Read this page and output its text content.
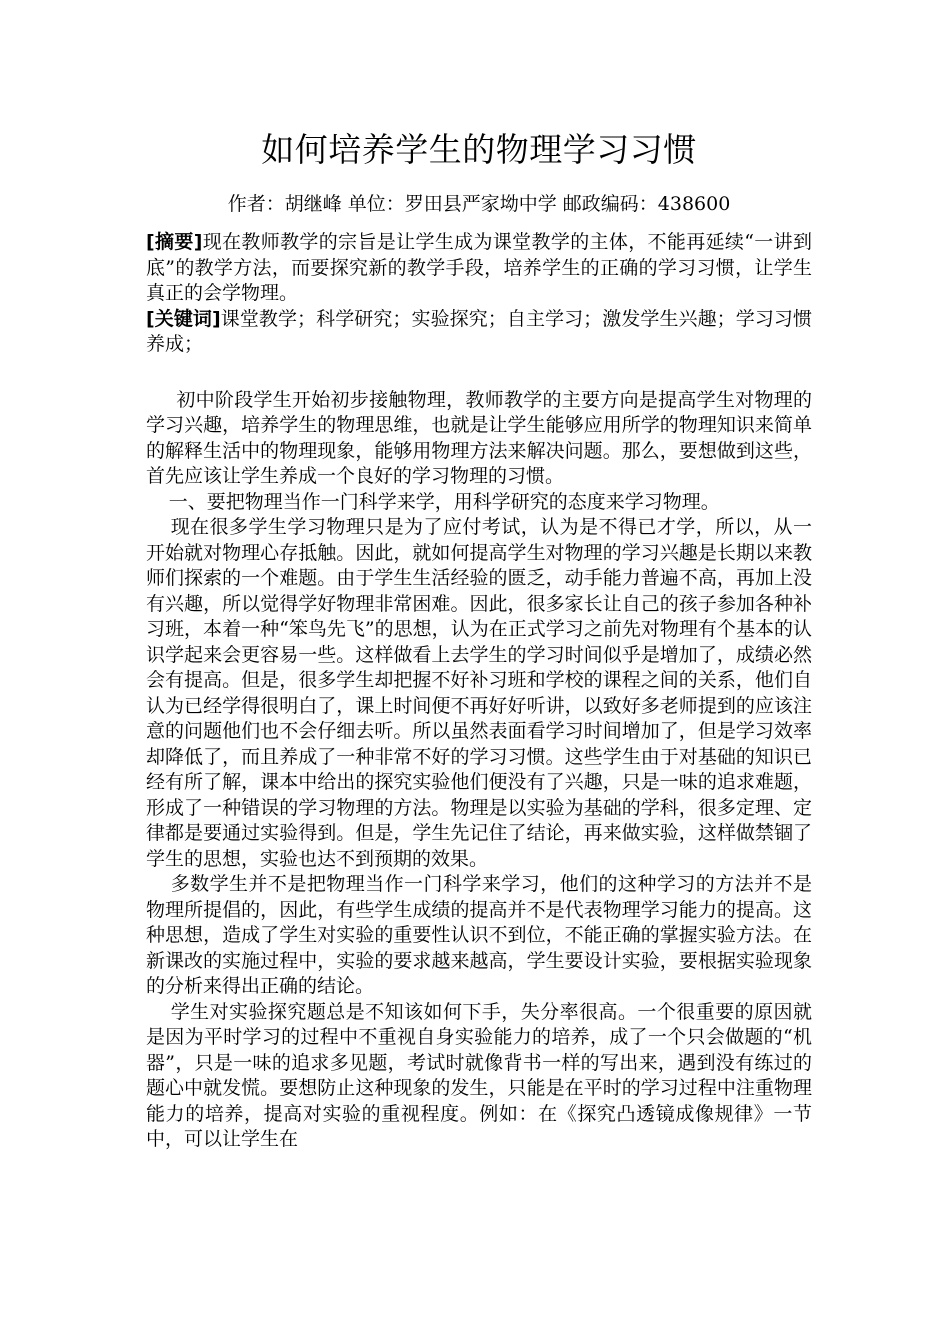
如何培养学生的物理学习习惯

作者：胡继峰 单位：罗田县严家坳中学 邮政编码：438600

[摘要]现在教师教学的宗旨是让学生成为课堂教学的主体，不能再延续“一讲到底”的教学方法，而要探究新的教学手段，培养学生的正确的学习习惯，让学生真正的会学物理。

[关键词]课堂教学；科学研究；实验探究；自主学习；激发学生兴趣；学习习惯养成；

初中阶段学生开始初步接触物理，教师教学的主要方向是提高学生对物理的学习兴趣，培养学生的物理思维，也就是让学生能够应用所学的物理知识来简单的解释生活中的物理现象，能够用物理方法来解决问题。那么，要想做到这些，首先应该让学生养成一个良好的学习物理的习惯。

一、要把物理当作一门科学来学，用科学研究的态度来学习物理。

现在很多学生学习物理只是为了应付考试，认为是不得已才学，所以，从一开始就对物理心存抵触。因此，就如何提高学生对物理的学习兴趣是长期以来教师们探索的一个难题。由于学生生活经验的匮乏，动手能力普遍不高，再加上没有兴趣，所以觉得学好物理非常困难。因此，很多家长让自己的孩子参加各种补习班，本着一种“笨鸟先飞”的思想，认为在正式学习之前先对物理有个基本的认识学起来会更容易一些。这样做看上去学生的学习时间似乎是增加了，成绩必然会有提高。但是，很多学生却把握不好补习班和学校的课程之间的关系，他们自认为已经学得很明白了，课上时间便不再好好听讲，以致好多老师提到的应该注意的问题他们也不会仔细去听。所以虽然表面看学习时间增加了，但是学习效率却降低了，而且养成了一种非常不好的学习习惯。这些学生由于对基础的知识已经有所了解，课本中给出的探究实验他们便没有了兴趣，只是一味的追求难题，形成了一种错误的学习物理的方法。物理是以实验为基础的学科，很多定理、定律都是要通过实验得到。但是，学生先记住了结论，再来做实验，这样做禁锢了学生的思想，实验也达不到预期的效果。

多数学生并不是把物理当作一门科学来学习，他们的这种学习的方法并不是物理所提倡的，因此，有些学生成绩的提高并不是代表物理学习能力的提高。这种思想，造成了学生对实验的重要性认识不到位，不能正确的掌握实验方法。在新课改的实施过程中，实验的要求越来越高，学生要设计实验，要根据实验现象的分析来得出正确的结论。

学生对实验探究题总是不知该如何下手，失分率很高。一个很重要的原因就是因为平时学习的过程中不重视自身实验能力的培养，成了一个只会做题的“机器”，只是一味的追求多见题，考试时就像背书一样的写出来，遇到没有练过的题心中就发慌。要想防止这种现象的发生，只能是在平时的学习过程中注重物理能力的培养，提高对实验的重视程度。例如：在《探究凸透镜成像规律》一节中，可以让学生在
